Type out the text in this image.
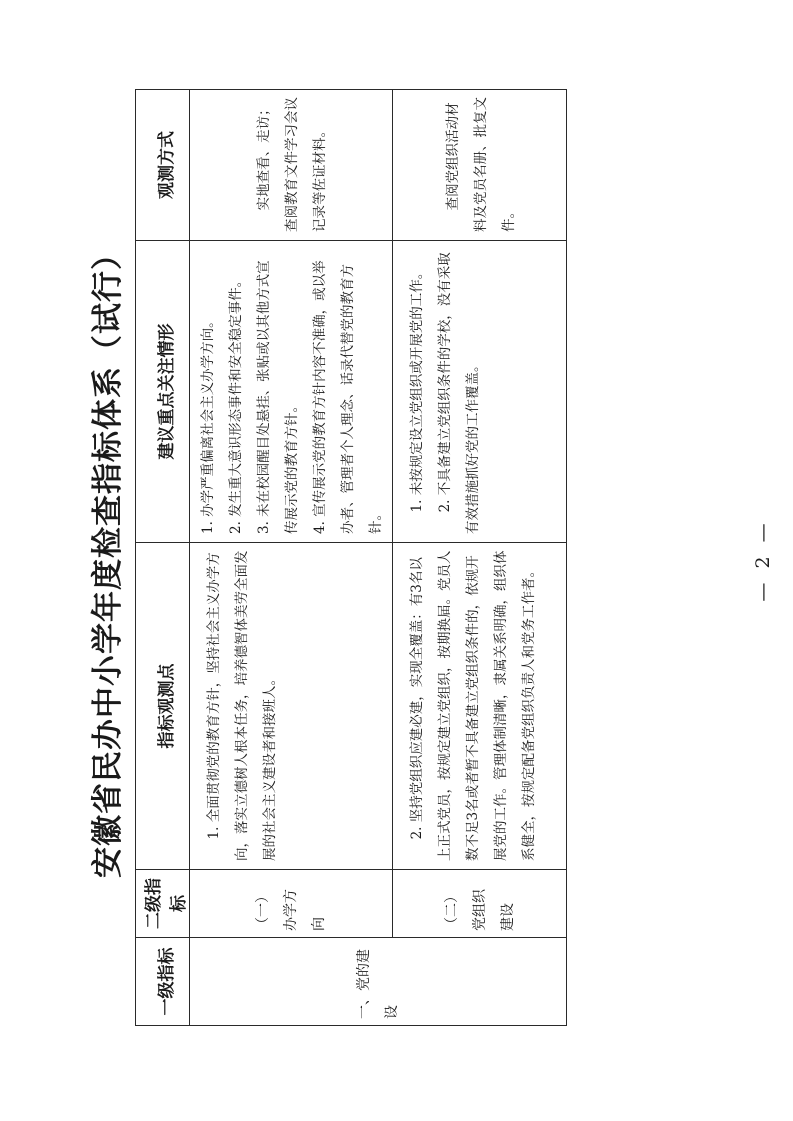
安徽省民办中小学年度检查指标体系（试行）
一级指标	二级指标	指标观测点	建议重点关注情形	观测方式

一、党的建设	（一）办学方向	1. 全面贯彻党的教育方针，坚持社会主义办学方向，落实立德树人根本任务，培养德智体美劳全面发展的社会主义建设者和接班人。	1. 办学严重偏离社会主义办学方向。 2. 发生重大意识形态事件和安全稳定事件。 3. 未在校园醒目处悬挂、张贴或以其他方式宣传展示党的教育方针。 4. 宣传展示党的教育方针内容不准确，或以举办者、管理者个人理念、话录代替党的教育方针。	实地查看、走访；查阅教育文件学习会议记录等佐证材料。

	（二）党组织建设	2. 坚持党组织应建必建，实现全覆盖：有3名以上正式党员，按规定建立党组织，按期换届。党员人数不足3名或者暂不具备建立党组织条件的，依规开展党的工作。管理体制清晰，隶属关系明确，组织体系健全，按规定配备党组织负责人和党务工作者。	1. 未按规定设立党组织或开展党的工作。 2. 不具备建立党组织条件的学校，没有采取有效措施抓好党的工作覆盖。	查阅党组织活动材料及党员名册、批复文件。

— 2 —
